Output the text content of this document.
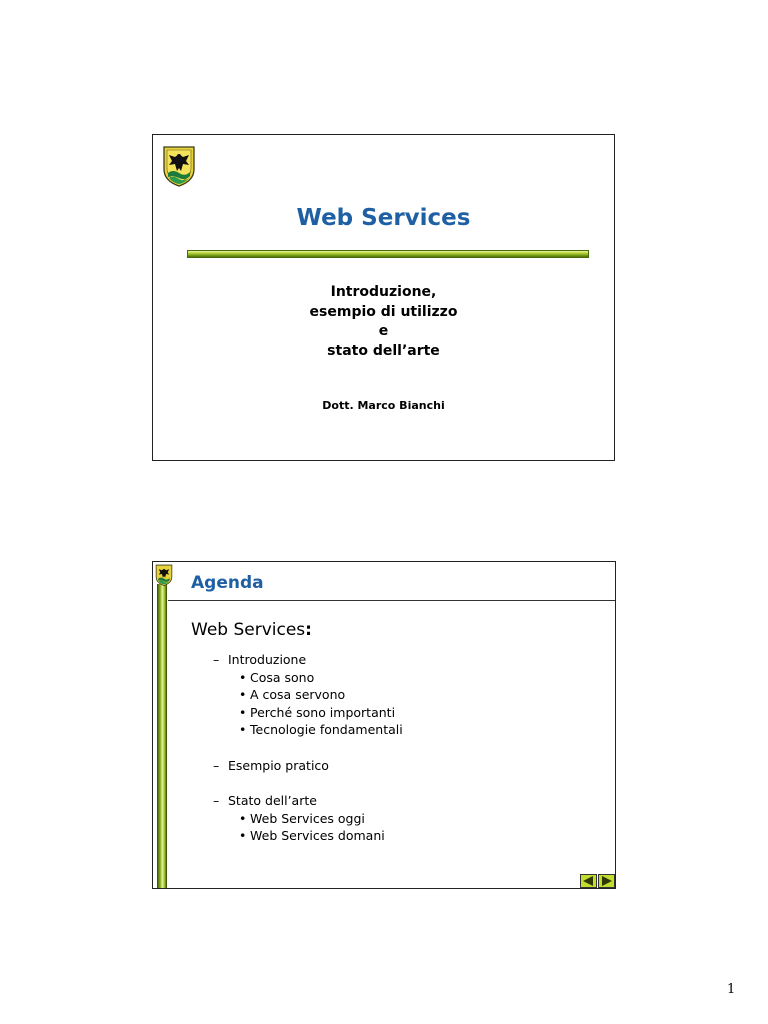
Web Services
Introduzione,
esempio di utilizzo
e
stato dell’arte
Dott. Marco Bianchi
Agenda
Web Services:
– Introduzione
• Cosa sono
• A cosa servono
• Perché sono importanti
• Tecnologie fondamentali
– Esempio pratico
– Stato dell’arte
• Web Services oggi
• Web Services domani
1
